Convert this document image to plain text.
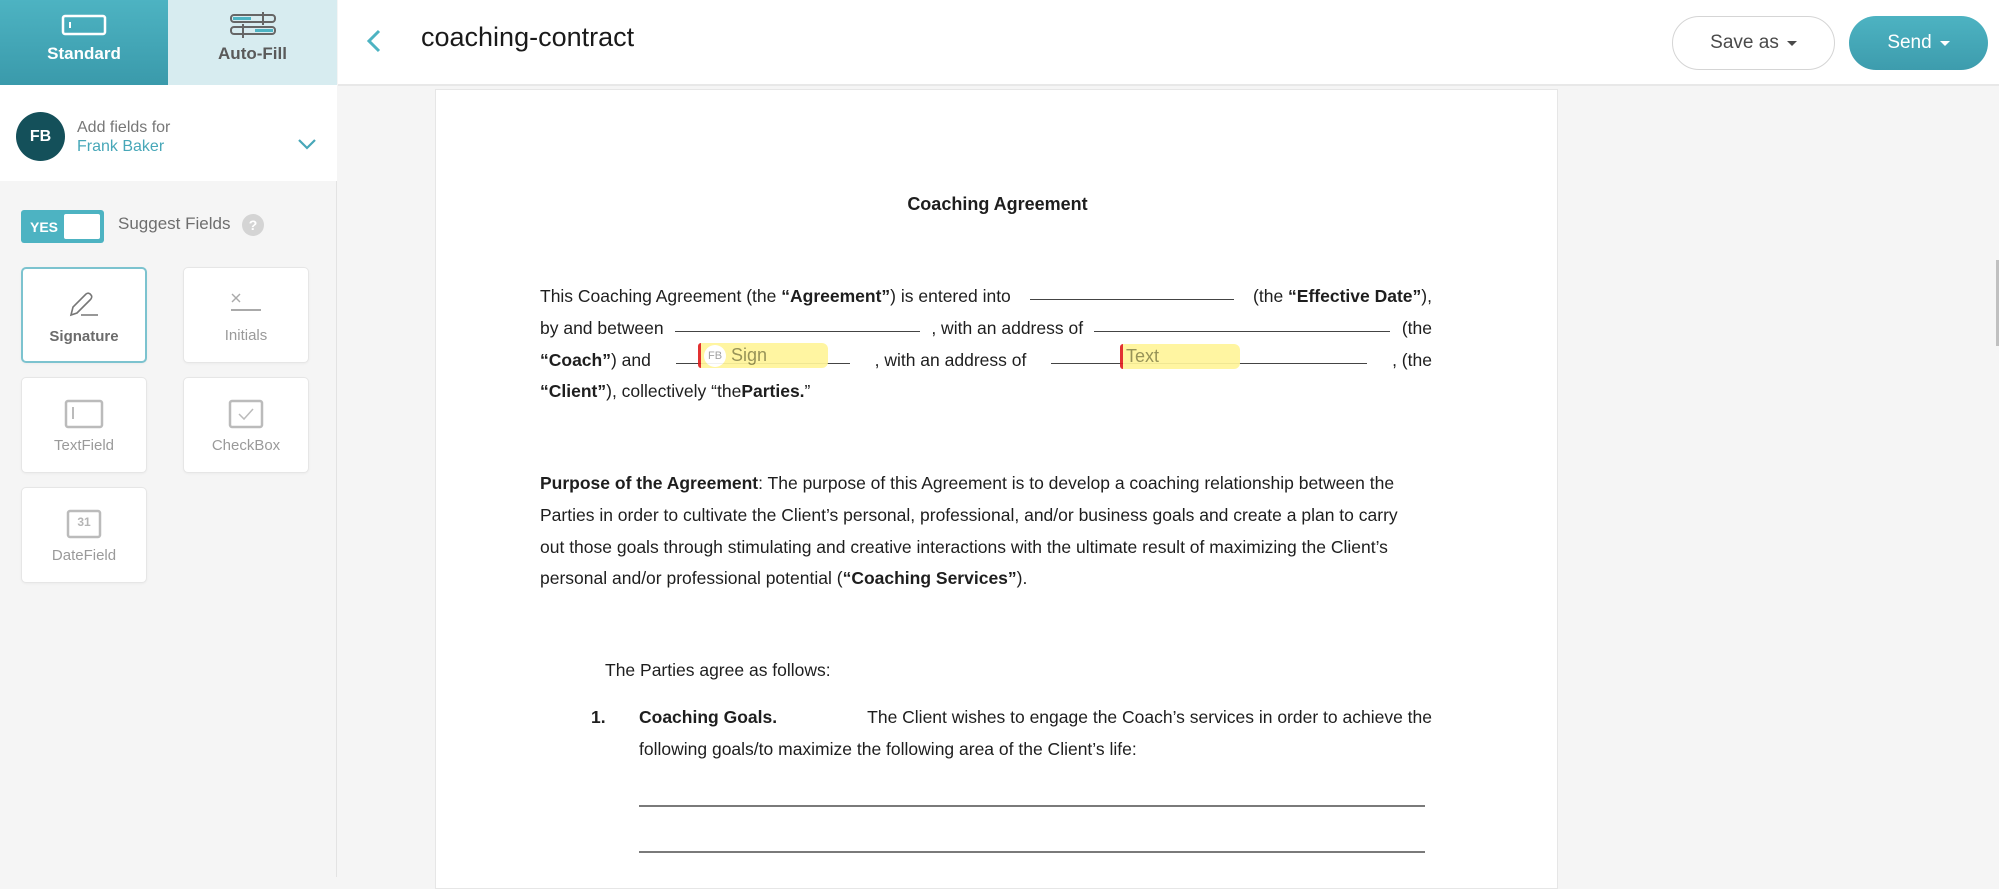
Standard	Auto-Fill
FB	Add fields for
Frank Baker
YES	Suggest Fields	?
Signature	Initials
TextField	CheckBox
31
DateField
coaching-contract	Save as	Send
Coaching Agreement
This Coaching Agreement (the “Agreement”) is entered into	(the “Effective Date”),
by and between	, with an address of	(the
“Coach”) and	, with an address of	, (the
“Client” ), collectively “the Parties. ”
FB Sign	Text
Purpose of the Agreement : The purpose of this Agreement is to develop a coaching relationship between the
Parties in order to cultivate the Client’s personal, professional, and/or business goals and create a plan to carry
out those goals through stimulating and creative interactions with the ultimate result of maximizing the Client’s
personal and/or professional potential ( “Coaching Services” ).
The Parties agree as follows:
1. Coaching Goals.	The Client wishes to engage the Coach’s services in order to achieve the
following goals/to maximize the following area of the Client’s life:
